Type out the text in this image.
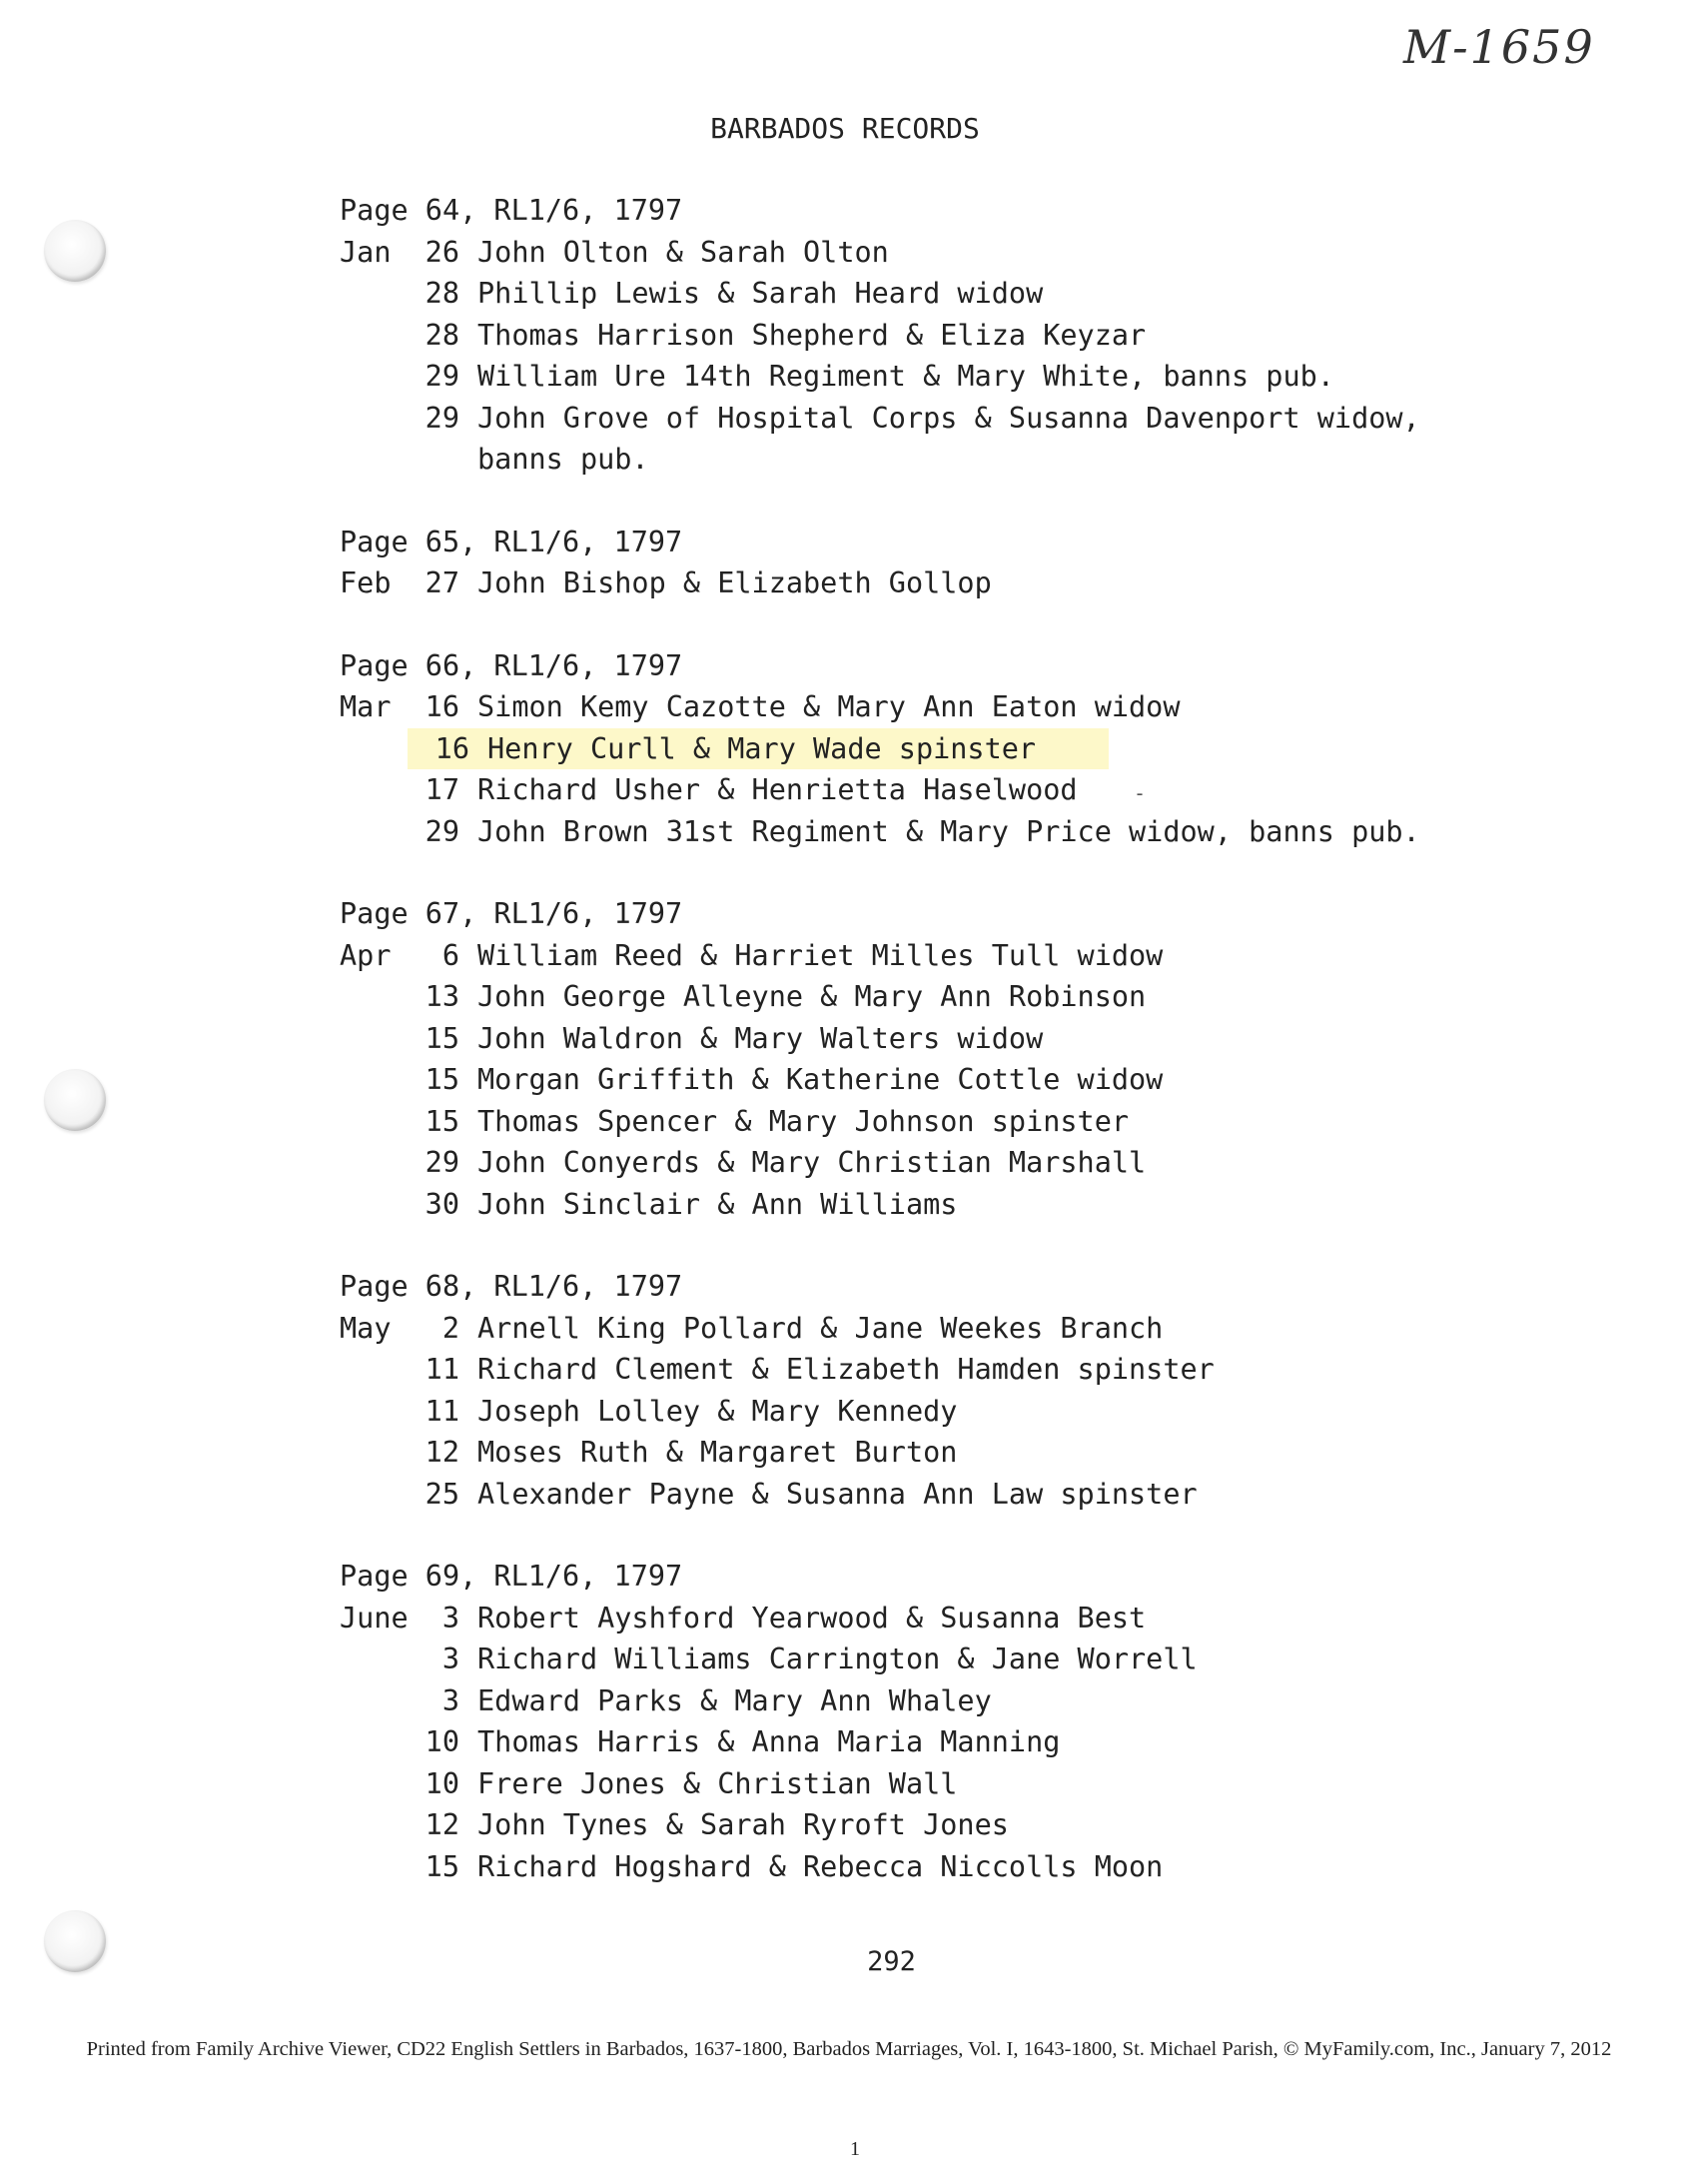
M-1659
BARBADOS RECORDS
Page 64, RL1/6, 1797
Jan	26 John Olton & Sarah Olton
28 Phillip Lewis & Sarah Heard widow
28 Thomas Harrison Shepherd & Eliza Keyzar
29 William Ure 14th Regiment & Mary White, banns pub.
29 John Grove of Hospital Corps & Susanna Davenport widow,
banns pub.
Page 65, RL1/6, 1797
Feb	27 John Bishop & Elizabeth Gollop
Page 66, RL1/6, 1797
Mar	16 Simon Kemy Cazotte & Mary Ann Eaton widow
16 Henry Curll & Mary Wade spinster
17 Richard Usher & Henrietta Haselwood
29 John Brown 31st Regiment & Mary Price widow, banns pub.
Page 67, RL1/6, 1797
Apr	6 William Reed & Harriet Milles Tull widow
13 John George Alleyne & Mary Ann Robinson
15 John Waldron & Mary Walters widow
15 Morgan Griffith & Katherine Cottle widow
15 Thomas Spencer & Mary Johnson spinster
29 John Conyerds & Mary Christian Marshall
30 John Sinclair & Ann Williams
Page 68, RL1/6, 1797
May	2 Arnell King Pollard & Jane Weekes Branch
11 Richard Clement & Elizabeth Hamden spinster
11 Joseph Lolley & Mary Kennedy
12 Moses Ruth & Margaret Burton
25 Alexander Payne & Susanna Ann Law spinster
Page 69, RL1/6, 1797
June	3 Robert Ayshford Yearwood & Susanna Best
3 Richard Williams Carrington & Jane Worrell
3 Edward Parks & Mary Ann Whaley
10 Thomas Harris & Anna Maria Manning
10 Frere Jones & Christian Wall
12 John Tynes & Sarah Ryroft Jones
15 Richard Hogshard & Rebecca Niccolls Moon
-
292
Printed from Family Archive Viewer, CD22 English Settlers in Barbados, 1637-1800, Barbados Marriages, Vol. I, 1643-1800, St. Michael Parish, © MyFamily.com, Inc., January 7, 2012
1
